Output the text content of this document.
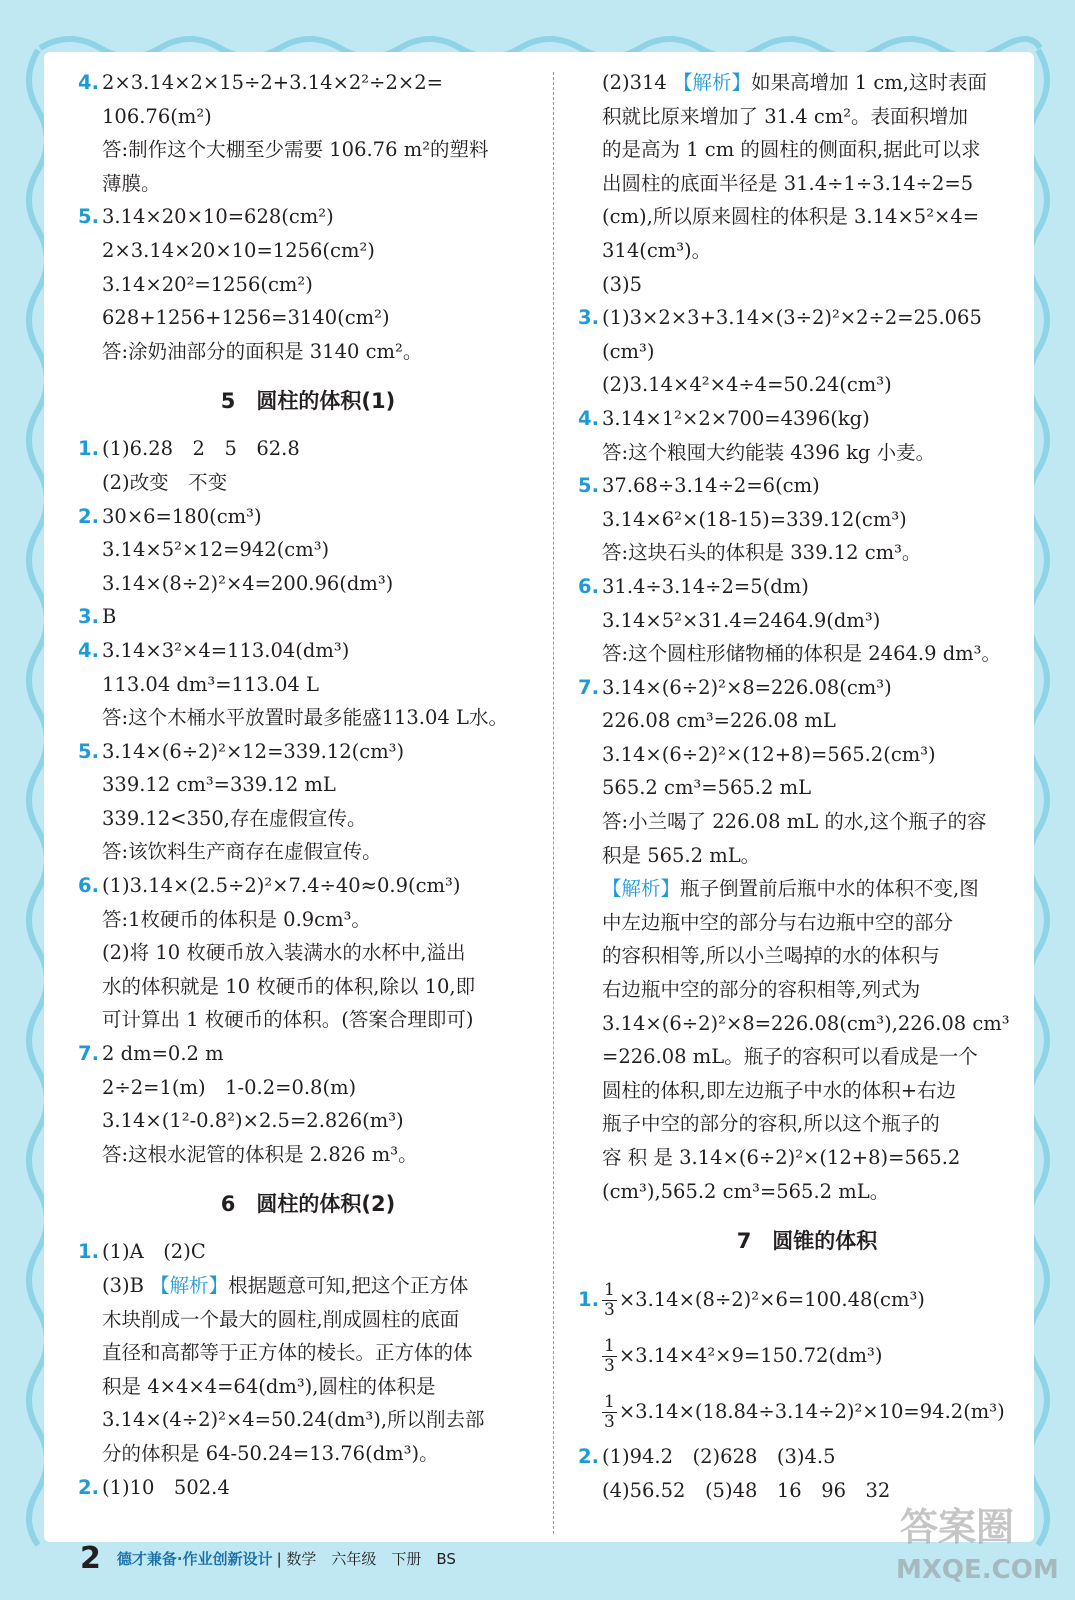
4. 2×3.14×2×15÷2+3.14×2²÷2×2=
106.76(m²)
答:制作这个大棚至少需要 106.76 m²的塑料
薄膜。
5. 3.14×20×10=628(cm²)
2×3.14×20×10=1256(cm²)
3.14×20²=1256(cm²)
628+1256+1256=3140(cm²)
答:涂奶油部分的面积是 3140 cm²。
5　圆柱的体积(1)
1. (1)6.28　2　5　62.8
(2)改变　不变
2. 30×6=180(cm³)
3.14×5²×12=942(cm³)
3.14×(8÷2)²×4=200.96(dm³)
3. B
4. 3.14×3²×4=113.04(dm³)
113.04 dm³=113.04 L
答:这个木桶水平放置时最多能盛113.04 L水。
5. 3.14×(6÷2)²×12=339.12(cm³)
339.12 cm³=339.12 mL
339.12<350,存在虚假宣传。
答:该饮料生产商存在虚假宣传。
6. (1)3.14×(2.5÷2)²×7.4÷40≈0.9(cm³)
答:1枚硬币的体积是 0.9cm³。
(2)将 10 枚硬币放入装满水的水杯中,溢出
水的体积就是 10 枚硬币的体积,除以 10,即
可计算出 1 枚硬币的体积。(答案合理即可)
7. 2 dm=0.2 m
2÷2=1(m)　1-0.2=0.8(m)
3.14×(1²-0.8²)×2.5=2.826(m³)
答:这根水泥管的体积是 2.826 m³。
6　圆柱的体积(2)
1. (1)A　(2)C
(3)B 【解析】根据题意可知,把这个正方体
木块削成一个最大的圆柱,削成圆柱的底面
直径和高都等于正方体的棱长。正方体的体
积是 4×4×4=64(dm³),圆柱的体积是
3.14×(4÷2)²×4=50.24(dm³),所以削去部
分的体积是 64-50.24=13.76(dm³)。
2. (1)10　502.4
(2)314 【解析】如果高增加 1 cm,这时表面
积就比原来增加了 31.4 cm²。表面积增加
的是高为 1 cm 的圆柱的侧面积,据此可以求
出圆柱的底面半径是 31.4÷1÷3.14÷2=5
(cm),所以原来圆柱的体积是 3.14×5²×4=
314(cm³)。
(3)5
3. (1)3×2×3+3.14×(3÷2)²×2÷2=25.065
(cm³)
(2)3.14×4²×4÷4=50.24(cm³)
4. 3.14×1²×2×700=4396(kg)
答:这个粮囤大约能装 4396 kg 小麦。
5. 37.68÷3.14÷2=6(cm)
3.14×6²×(18-15)=339.12(cm³)
答:这块石头的体积是 339.12 cm³。
6. 31.4÷3.14÷2=5(dm)
3.14×5²×31.4=2464.9(dm³)
答:这个圆柱形储物桶的体积是 2464.9 dm³。
7. 3.14×(6÷2)²×8=226.08(cm³)
226.08 cm³=226.08 mL
3.14×(6÷2)²×(12+8)=565.2(cm³)
565.2 cm³=565.2 mL
答:小兰喝了 226.08 mL 的水,这个瓶子的容
积是 565.2 mL。
【解析】瓶子倒置前后瓶中水的体积不变,图
中左边瓶中空的部分与右边瓶中空的部分
的容积相等,所以小兰喝掉的水的体积与
右边瓶中空的部分的容积相等,列式为
3.14×(6÷2)²×8=226.08(cm³),226.08 cm³
=226.08 mL。瓶子的容积可以看成是一个
圆柱的体积,即左边瓶子中水的体积+右边
瓶子中空的部分的容积,所以这个瓶子的
容 积 是 3.14×(6÷2)²×(12+8)=565.2
(cm³),565.2 cm³=565.2 mL。
7　圆锥的体积
1. $\frac{1}{3} \times 3.14\times(8\div 2)^2\times 6=100.48(cm^3)$
$\frac{1}{3} \times 3.14\times 4^2\times 9=150.72(dm^3)$
$\frac{1}{3} \times 3.14\times(18.84\div 3.14\div 2)^2\times 10=94.2(m^3)$
2. (1)94.2　(2)628　(3)4.5
(4)56.52　(5)48　16　96　32
2 德才兼备·作业创新设计 | 数学　六年级　下册　BS
答案圈
MXQE.COM
